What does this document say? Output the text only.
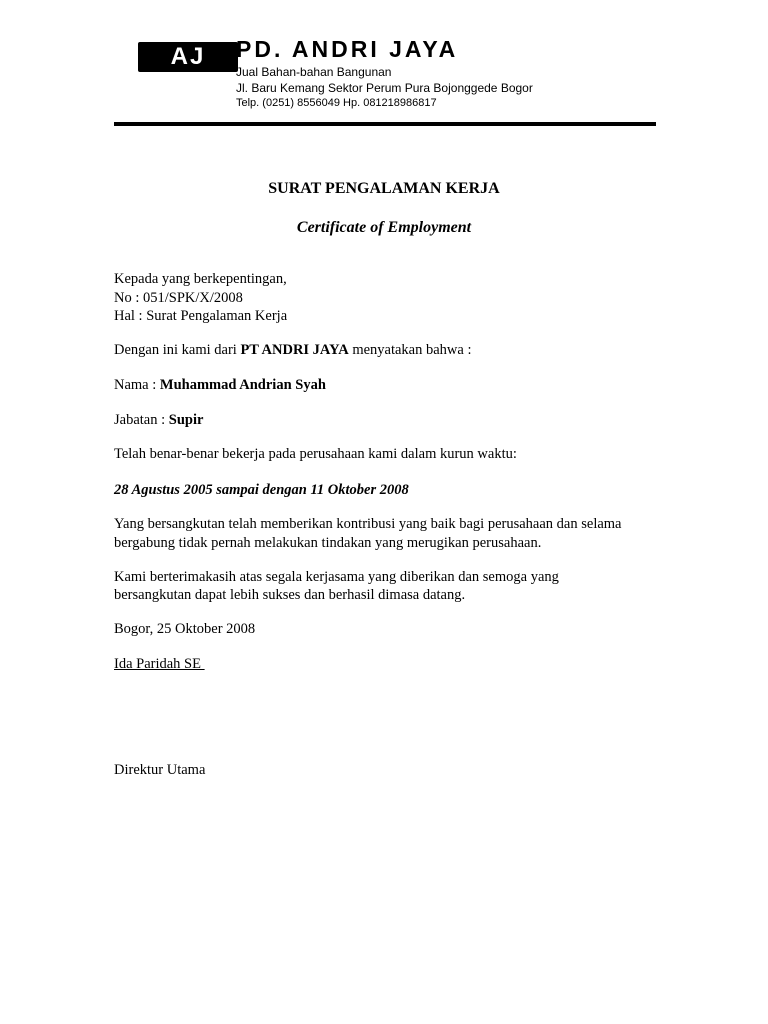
AJ	PD. ANDRI JAYA
Jual Bahan-bahan Bangunan
Jl. Baru Kemang Sektor Perum Pura Bojonggede Bogor
Telp. (0251) 8556049 Hp. 081218986817
SURAT PENGALAMAN KERJA
Certificate of Employment
Kepada yang berkepentingan,
No : 051/SPK/X/2008
Hal : Surat Pengalaman Kerja
Dengan ini kami dari PT ANDRI JAYA menyatakan bahwa :
Nama : Muhammad Andrian Syah
Jabatan : Supir
Telah benar-benar bekerja pada perusahaan kami dalam kurun waktu:
28 Agustus 2005 sampai dengan 11 Oktober 2008
Yang bersangkutan telah memberikan kontribusi yang baik bagi perusahaan dan selama
bergabung tidak pernah melakukan tindakan yang merugikan perusahaan.
Kami berterimakasih atas segala kerjasama yang diberikan dan semoga yang
bersangkutan dapat lebih sukses dan berhasil dimasa datang.
Bogor, 25 Oktober 2008
Ida Paridah SE
Direktur Utama
